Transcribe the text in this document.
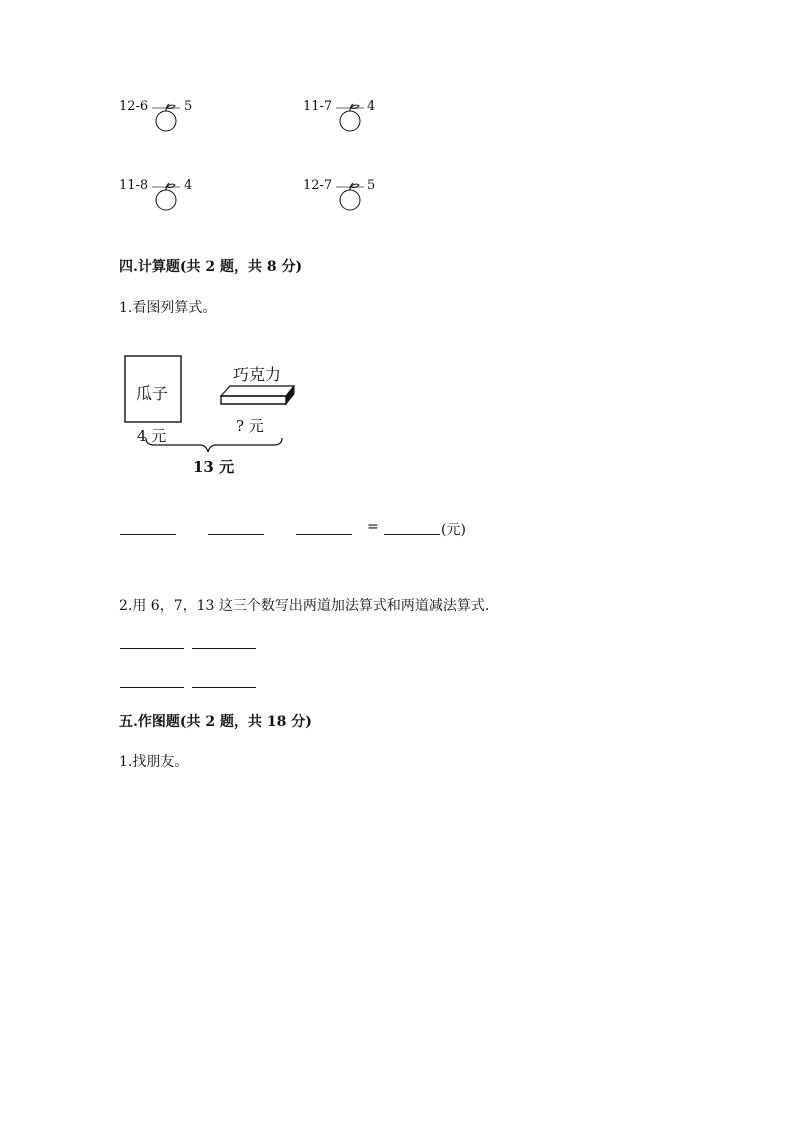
12-6	5	11-7	4
11-8	4	12-7	5
四.计算题(共 2 题，共 8 分)
1.看图列算式。
瓜子
巧克力
4 元
? 元
13 元
=	(元)
2.用 6，7，13 这三个数写出两道加法算式和两道减法算式.
五.作图题(共 2 题，共 18 分)
1.找朋友。
